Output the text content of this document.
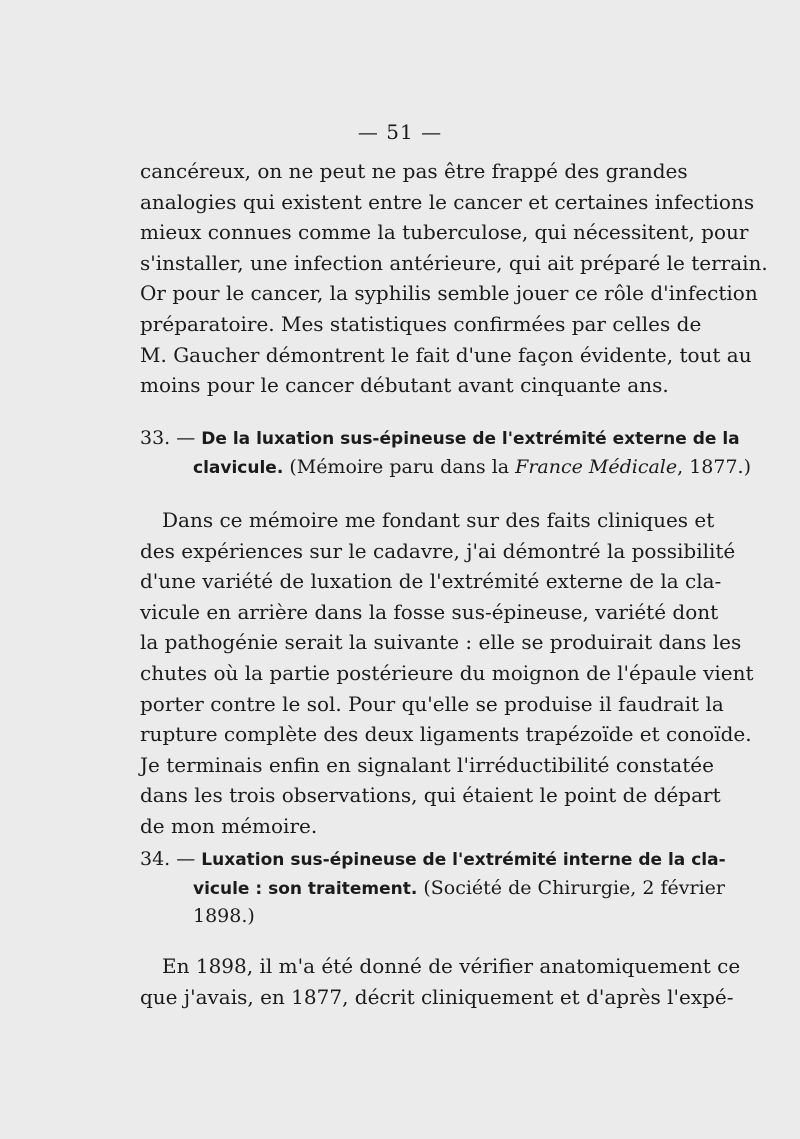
— 51 —
cancéreux, on ne peut ne pas être frappé des grandes
analogies qui existent entre le cancer et certaines infections
mieux connues comme la tuberculose, qui nécessitent, pour
s'installer, une infection antérieure, qui ait préparé le terrain.
Or pour le cancer, la syphilis semble jouer ce rôle d'infection
préparatoire. Mes statistiques confirmées par celles de
M. Gaucher démontrent le fait d'une façon évidente, tout au
moins pour le cancer débutant avant cinquante ans.
33. — De la luxation sus-épineuse de l'extrémité externe de la
clavicule. (Mémoire paru dans la France Médicale, 1877.)
Dans ce mémoire me fondant sur des faits cliniques et
des expériences sur le cadavre, j'ai démontré la possibilité
d'une variété de luxation de l'extrémité externe de la cla-
vicule en arrière dans la fosse sus-épineuse, variété dont
la pathogénie serait la suivante : elle se produirait dans les
chutes où la partie postérieure du moignon de l'épaule vient
porter contre le sol. Pour qu'elle se produise il faudrait la
rupture complète des deux ligaments trapézoïde et conoïde.
Je terminais enfin en signalant l'irréductibilité constatée
dans les trois observations, qui étaient le point de départ
de mon mémoire.
34. — Luxation sus-épineuse de l'extrémité interne de la cla-
vicule : son traitement. (Société de Chirurgie, 2 février
1898.)
En 1898, il m'a été donné de vérifier anatomiquement ce
que j'avais, en 1877, décrit cliniquement et d'après l'expé-
